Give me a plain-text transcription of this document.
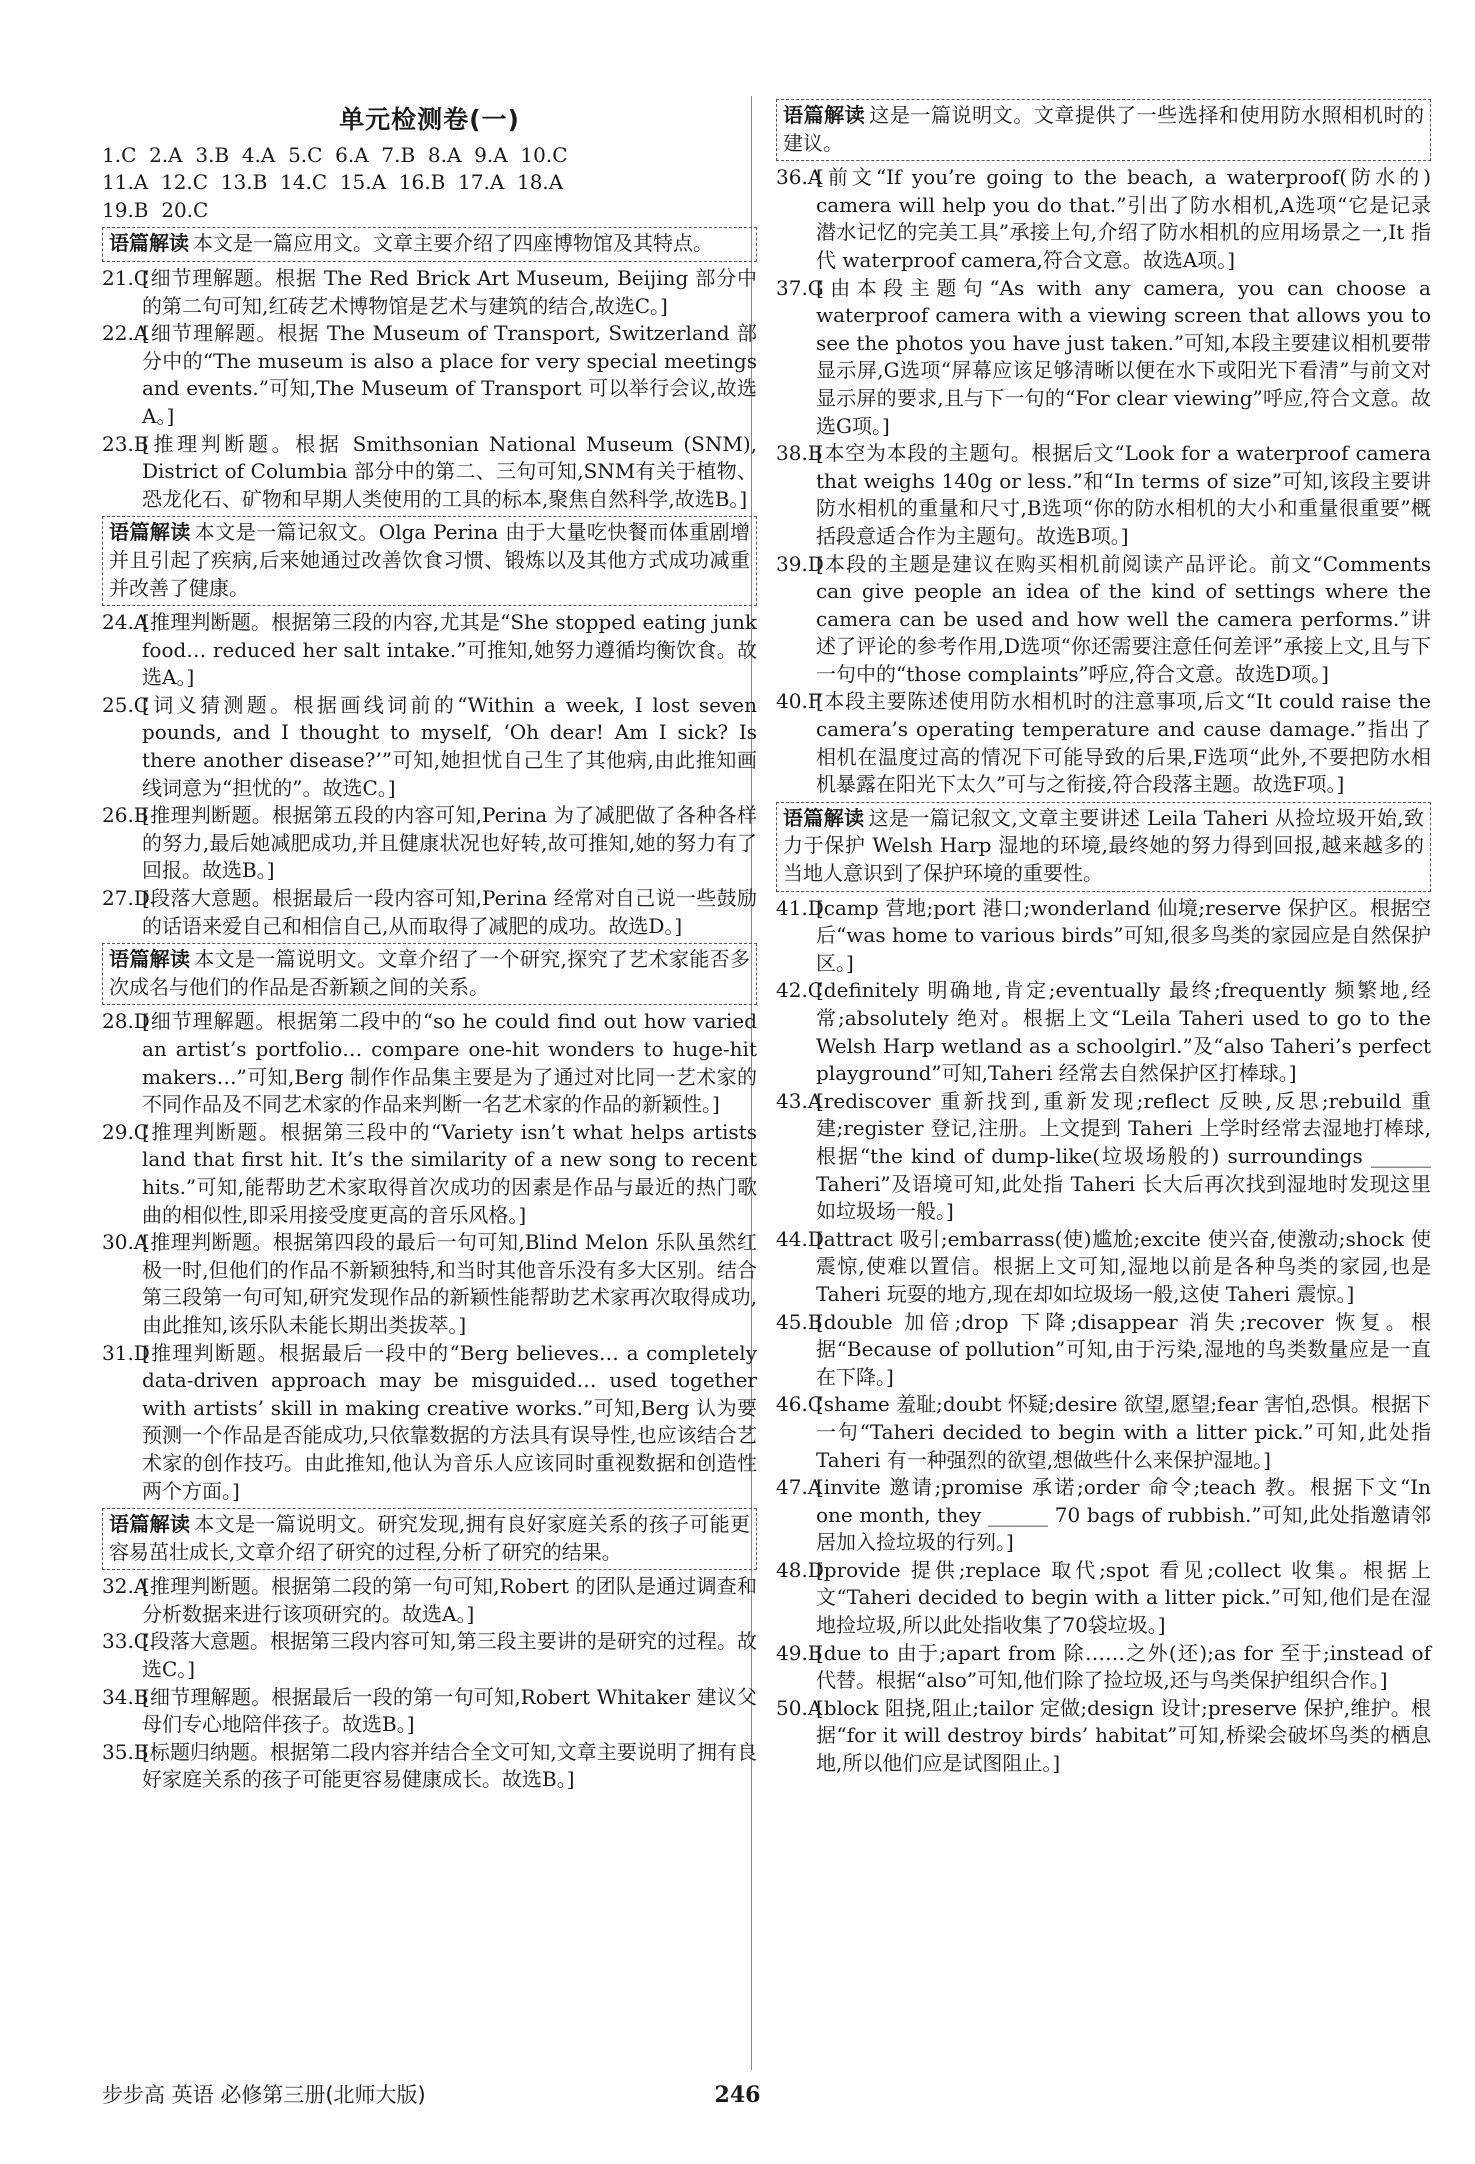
单元检测卷(一)
1.C  2.A  3.B  4.A  5.C  6.A  7.B  8.A  9.A  10.C
11.A  12.C  13.B  14.C  15.A  16.B  17.A  18.A
19.B  20.C
语篇解读 本文是一篇应用文。文章主要介绍了四座博物馆及其特点。
21.C[细节理解题。根据 The Red Brick Art Museum, Beijing 部分中的第二句可知,红砖艺术博物馆是艺术与建筑的结合,故选C。]
22.A[细节理解题。根据 The Museum of Transport, Switzerland 部分中的“The museum is also a place for very special meetings and events.”可知,The Museum of Transport 可以举行会议,故选A。]
23.B[推理判断题。根据 Smithsonian National Museum (SNM), District of Columbia 部分中的第二、三句可知,SNM有关于植物、恐龙化石、矿物和早期人类使用的工具的标本,聚焦自然科学,故选B。]
语篇解读 本文是一篇记叙文。Olga Perina 由于大量吃快餐而体重剧增并且引起了疾病,后来她通过改善饮食习惯、锻炼以及其他方式成功减重并改善了健康。
24.A[推理判断题。根据第三段的内容,尤其是“She stopped eating junk food… reduced her salt intake.”可推知,她努力遵循均衡饮食。故选A。]
25.C[词义猜测题。根据画线词前的“Within a week, I lost seven pounds, and I thought to myself, ‘Oh dear! Am I sick? Is there another disease?’”可知,她担忧自己生了其他病,由此推知画线词意为“担忧的”。故选C。]
26.B[推理判断题。根据第五段的内容可知,Perina 为了减肥做了各种各样的努力,最后她减肥成功,并且健康状况也好转,故可推知,她的努力有了回报。故选B。]
27.D[段落大意题。根据最后一段内容可知,Perina 经常对自己说一些鼓励的话语来爱自己和相信自己,从而取得了减肥的成功。故选D。]
语篇解读 本文是一篇说明文。文章介绍了一个研究,探究了艺术家能否多次成名与他们的作品是否新颖之间的关系。
28.D[细节理解题。根据第二段中的“so he could find out how varied an artist’s portfolio… compare one-hit wonders to huge-hit makers…”可知,Berg 制作作品集主要是为了通过对比同一艺术家的不同作品及不同艺术家的作品来判断一名艺术家的作品的新颖性。]
29.C[推理判断题。根据第三段中的“Variety isn’t what helps artists land that first hit. It’s the similarity of a new song to recent hits.”可知,能帮助艺术家取得首次成功的因素是作品与最近的热门歌曲的相似性,即采用接受度更高的音乐风格。]
30.A[推理判断题。根据第四段的最后一句可知,Blind Melon 乐队虽然红极一时,但他们的作品不新颖独特,和当时其他音乐没有多大区别。结合第三段第一句可知,研究发现作品的新颖性能帮助艺术家再次取得成功,由此推知,该乐队未能长期出类拔萃。]
31.D[推理判断题。根据最后一段中的“Berg believes… a completely data-driven approach may be misguided… used together with artists’ skill in making creative works.”可知,Berg 认为要预测一个作品是否能成功,只依靠数据的方法具有误导性,也应该结合艺术家的创作技巧。由此推知,他认为音乐人应该同时重视数据和创造性两个方面。]
语篇解读 本文是一篇说明文。研究发现,拥有良好家庭关系的孩子可能更容易茁壮成长,文章介绍了研究的过程,分析了研究的结果。
32.A[推理判断题。根据第二段的第一句可知,Robert 的团队是通过调查和分析数据来进行该项研究的。故选A。]
33.C[段落大意题。根据第三段内容可知,第三段主要讲的是研究的过程。故选C。]
34.B[细节理解题。根据最后一段的第一句可知,Robert Whitaker 建议父母们专心地陪伴孩子。故选B。]
35.B[标题归纳题。根据第二段内容并结合全文可知,文章主要说明了拥有良好家庭关系的孩子可能更容易健康成长。故选B。]
语篇解读 这是一篇说明文。文章提供了一些选择和使用防水照相机时的建议。
36.A[前文“If you’re going to the beach, a waterproof(防水的) camera will help you do that.”引出了防水相机,A选项“它是记录潜水记忆的完美工具”承接上句,介绍了防水相机的应用场景之一,It 指代 waterproof camera,符合文意。故选A项。]
37.G[由本段主题句“As with any camera, you can choose a waterproof camera with a viewing screen that allows you to see the photos you have just taken.”可知,本段主要建议相机要带显示屏,G选项“屏幕应该足够清晰以便在水下或阳光下看清”与前文对显示屏的要求,且与下一句的“For clear viewing”呼应,符合文意。故选G项。]
38.B[本空为本段的主题句。根据后文“Look for a waterproof camera that weighs 140g or less.”和“In terms of size”可知,该段主要讲防水相机的重量和尺寸,B选项“你的防水相机的大小和重量很重要”概括段意适合作为主题句。故选B项。]
39.D[本段的主题是建议在购买相机前阅读产品评论。前文“Comments can give people an idea of the kind of settings where the camera can be used and how well the camera performs.”讲述了评论的参考作用,D选项“你还需要注意任何差评”承接上文,且与下一句中的“those complaints”呼应,符合文意。故选D项。]
40.F[本段主要陈述使用防水相机时的注意事项,后文“It could raise the camera’s operating temperature and cause damage.”指出了相机在温度过高的情况下可能导致的后果,F选项“此外,不要把防水相机暴露在阳光下太久”可与之衔接,符合段落主题。故选F项。]
语篇解读 这是一篇记叙文,文章主要讲述 Leila Taheri 从捡垃圾开始,致力于保护 Welsh Harp 湿地的环境,最终她的努力得到回报,越来越多的当地人意识到了保护环境的重要性。
41.D[camp 营地;port 港口;wonderland 仙境;reserve 保护区。根据空后“was home to various birds”可知,很多鸟类的家园应是自然保护区。]
42.C[definitely 明确地,肯定;eventually 最终;frequently 频繁地,经常;absolutely 绝对。根据上文“Leila Taheri used to go to the Welsh Harp wetland as a schoolgirl.”及“also Taheri’s perfect playground”可知,Taheri 经常去自然保护区打棒球。]
43.A[rediscover 重新找到,重新发现;reflect 反映,反思;rebuild 重建;register 登记,注册。上文提到 Taheri 上学时经常去湿地打棒球,根据“the kind of dump-like(垃圾场般的) surroundings ______ Taheri”及语境可知,此处指 Taheri 长大后再次找到湿地时发现这里如垃圾场一般。]
44.D[attract 吸引;embarrass(使)尴尬;excite 使兴奋,使激动;shock 使震惊,使难以置信。根据上文可知,湿地以前是各种鸟类的家园,也是 Taheri 玩耍的地方,现在却如垃圾场一般,这使 Taheri 震惊。]
45.B[double 加倍;drop 下降;disappear 消失;recover 恢复。根据“Because of pollution”可知,由于污染,湿地的鸟类数量应是一直在下降。]
46.C[shame 羞耻;doubt 怀疑;desire 欲望,愿望;fear 害怕,恐惧。根据下一句“Taheri decided to begin with a litter pick.”可知,此处指 Taheri 有一种强烈的欲望,想做些什么来保护湿地。]
47.A[invite 邀请;promise 承诺;order 命令;teach 教。根据下文“In one month, they ______ 70 bags of rubbish.”可知,此处指邀请邻居加入捡垃圾的行列。]
48.D[provide 提供;replace 取代;spot 看见;collect 收集。根据上文“Taheri decided to begin with a litter pick.”可知,他们是在湿地捡垃圾,所以此处指收集了70袋垃圾。]
49.B[due to 由于;apart from 除……之外(还);as for 至于;instead of 代替。根据“also”可知,他们除了捡垃圾,还与鸟类保护组织合作。]
50.A[block 阻挠,阻止;tailor 定做;design 设计;preserve 保护,维护。根据“for it will destroy birds’ habitat”可知,桥梁会破坏鸟类的栖息地,所以他们应是试图阻止。]
步步高 英语 必修第三册(北师大版)	246
